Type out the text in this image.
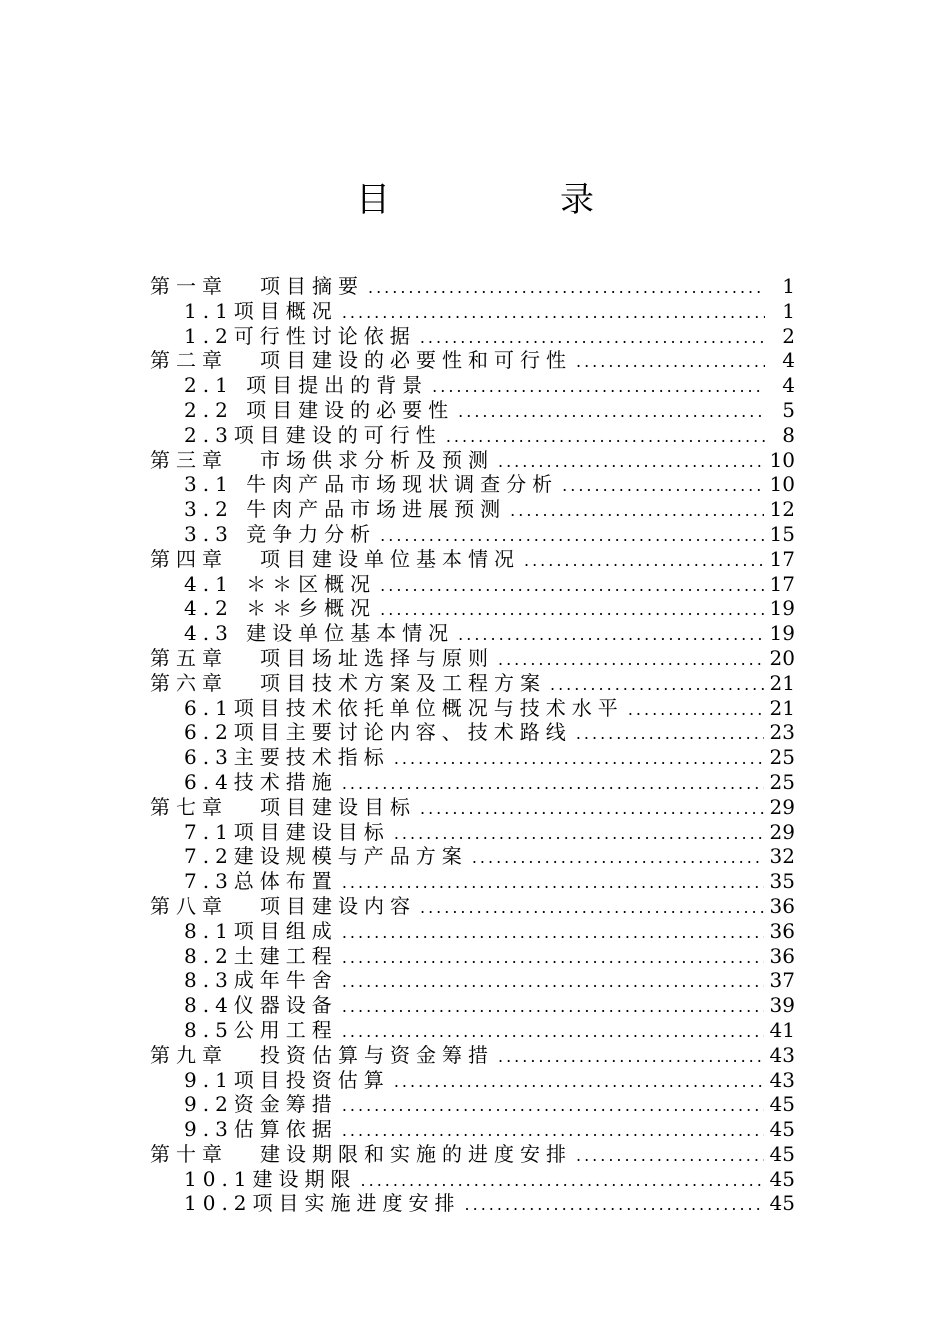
目　录
第一章 项目摘要 .....	1
1.1项目概况 .....	1
1.2可行性讨论依据 .....	2
第二章 项目建设的必要性和可行性 .....	4
2.1 项目提出的背景 .....	4
2.2 项目建设的必要性 .....	5
2.3项目建设的可行性 .....	8
第三章 市场供求分析及预测 .....	10
3.1 牛肉产品市场现状调查分析 .....	10
3.2 牛肉产品市场进展预测 .....	12
3.3 竞争力分析 .....	15
第四章 项目建设单位基本情况 .....	17
4.1 ＊＊区概况 .....	17
4.2 ＊＊乡概况 .....	19
4.3 建设单位基本情况 .....	19
第五章 项目场址选择与原则 .....	20
第六章 项目技术方案及工程方案 .....	21
6.1项目技术依托单位概况与技术水平 .....	21
6.2项目主要讨论内容、技术路线 .....	23
6.3主要技术指标 .....	25
6.4技术措施 .....	25
第七章 项目建设目标 .....	29
7.1项目建设目标 .....	29
7.2建设规模与产品方案 .....	32
7.3总体布置 .....	35
第八章 项目建设内容 .....	36
8.1项目组成 .....	36
8.2土建工程 .....	36
8.3成年牛舍 .....	37
8.4仪器设备 .....	39
8.5公用工程 .....	41
第九章 投资估算与资金筹措 .....	43
9.1项目投资估算 .....	43
9.2资金筹措 .....	45
9.3估算依据 .....	45
第十章 建设期限和实施的进度安排 .....	45
10.1建设期限 .....	45
10.2项目实施进度安排 .....	45
